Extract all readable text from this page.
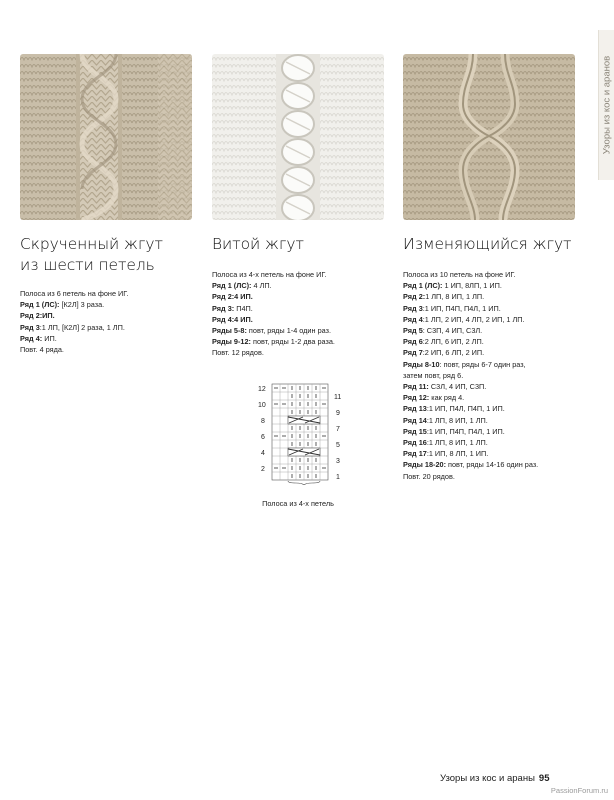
Узоры из кос и аранов
Скрученный жгут
из шести петель
Полоса из 6 петель на фоне ИГ.
Ряд 1 (ЛС): [К2Л] 3 раза.
Ряд 2:ИП.
Ряд 3:1 ЛП, [К2Л] 2 раза, 1 ЛП.
Ряд 4: ИП.
Повт. 4 ряда.
Витой жгут
Полоса из 4-х петель на фоне ИГ.
Ряд 1 (ЛС): 4 ЛП.
Ряд 2:4 ИП.
Ряд 3: П4П.
Ряд 4:4 ИП.
Ряды 5-8: повт, ряды 1-4 один раз.
Ряды 9-12: повт, ряды 1-2 два раза.
Повт. 12 рядов.
12
10
8
6
4
2
11
9
7
5
3
1
Полоса из 4-х петель
Изменяющийся жгут
Полоса из 10 петель на фоне ИГ.
Ряд 1 (ЛС): 1 ИП, 8ЛП, 1 ИП.
Ряд 2:1 ЛП, 8 ИП, 1 ЛП.
Ряд 3:1 ИП, П4П, П4Л, 1 ИП.
Ряд 4:1 ЛП, 2 ИП, 4 ЛП, 2 ИП, 1 ЛП.
Ряд 5: С3П, 4 ИП, С3Л.
Ряд 6:2 ЛП, 6 ИП, 2 ЛП.
Ряд 7:2 ИП, 6 ЛП, 2 ИП.
Ряды 8-10: повт, ряды 6-7 один раз,
затем повт, ряд 6.
Ряд 11: С3Л, 4 ИП, С3П.
Ряд 12: как ряд 4.
Ряд 13:1 ИП, П4Л, П4П, 1 ИП.
Ряд 14:1 ЛП, 8 ИП, 1 ЛП.
Ряд 15:1 ИП, П4П, П4Л, 1 ИП.
Ряд 16:1 ЛП, 8 ИП, 1 ЛП.
Ряд 17:1 ИП, 8 ЛП, 1 ИП.
Ряды 18-20: повт, ряды 14-16 один раз.
Повт. 20 рядов.
Узоры из кос и араны 95
PassionForum.ru
